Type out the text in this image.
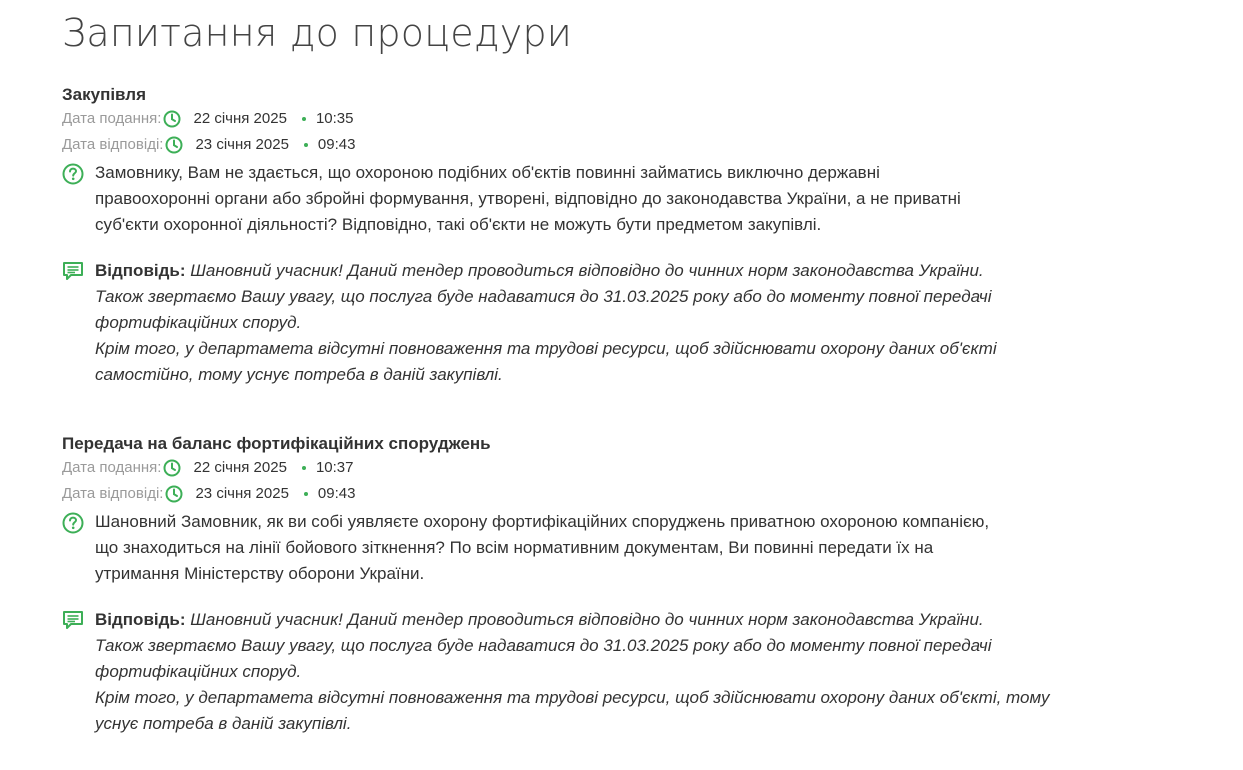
Запитання до процедури
Закупівля
Дата подання: 22 січня 2025 10:35
Дата відповіді: 23 січня 2025 09:43
Замовнику, Вам не здається, що охороною подібних об'єктів повинні займатись виключно державні
правоохоронні органи або збройні формування, утворені, відповідно до законодавства України, а не приватні
суб'єкти охоронної діяльності? Відповідно, такі об'єкти не можуть бути предметом закупівлі.
Відповідь: Шановний учасник! Даний тендер проводиться відповідно до чинних норм законодавства України.
Також звертаємо Вашу увагу, що послуга буде надаватися до 31.03.2025 року або до моменту повної передачі
фортифікаційних споруд.
Крім того, у департамета відсутні повноваження та трудові ресурси, щоб здійснювати охорону даних об'єкті
самостійно, тому уснує потреба в даній закупівлі.
Передача на баланс фортифікаційних споруджень
Дата подання: 22 січня 2025 10:37
Дата відповіді: 23 січня 2025 09:43
Шановний Замовник, як ви собі уявляєте охорону фортифікаційних споруджень приватною охороною компанією,
що знаходиться на лінії бойового зіткнення? По всім нормативним документам, Ви повинні передати їх на
утримання Міністерству оборони України.
Відповідь: Шановний учасник! Даний тендер проводиться відповідно до чинних норм законодавства України.
Також звертаємо Вашу увагу, що послуга буде надаватися до 31.03.2025 року або до моменту повної передачі
фортифікаційних споруд.
Крім того, у департамета відсутні повноваження та трудові ресурси, щоб здійснювати охорону даних об'єкті, тому
уснує потреба в даній закупівлі.
